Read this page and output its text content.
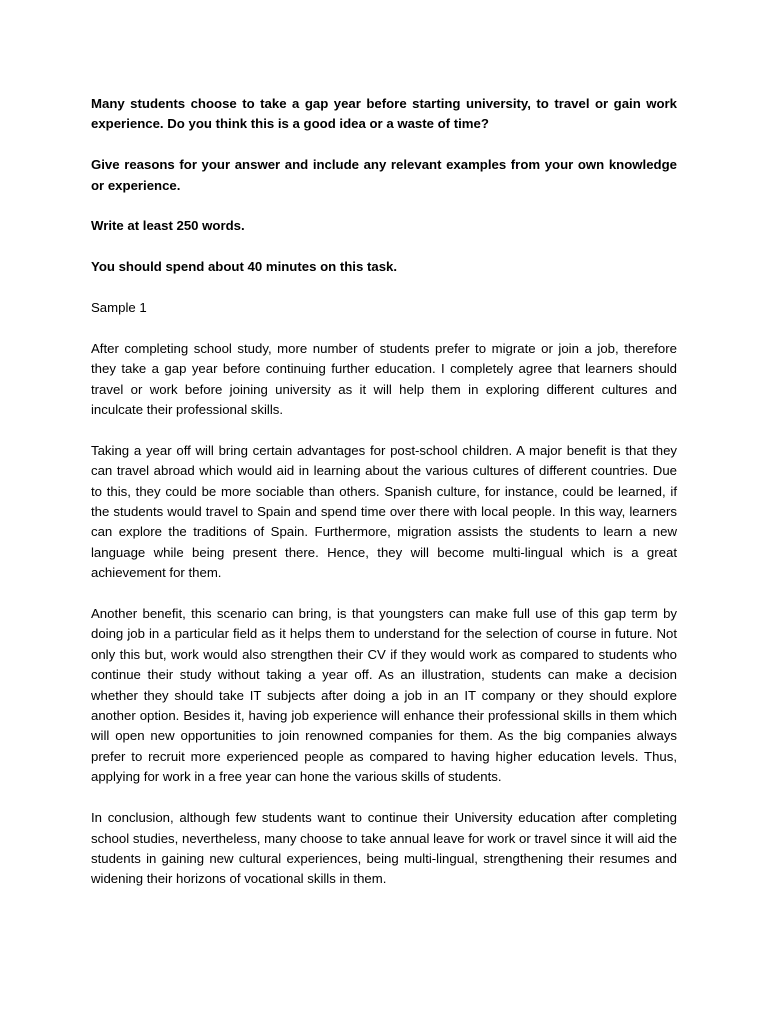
Many students choose to take a gap year before starting university, to travel or gain work experience. Do you think this is a good idea or a waste of time?

Give reasons for your answer and include any relevant examples from your own knowledge or experience.

Write at least 250 words.

You should spend about 40 minutes on this task.

Sample 1

After completing school study, more number of students prefer to migrate or join a job, therefore they take a gap year before continuing further education. I completely agree that learners should travel or work before joining university as it will help them in exploring different cultures and inculcate their professional skills.

Taking a year off will bring certain advantages for post-school children. A major benefit is that they can travel abroad which would aid in learning about the various cultures of different countries. Due to this, they could be more sociable than others. Spanish culture, for instance, could be learned, if the students would travel to Spain and spend time over there with local people. In this way, learners can explore the traditions of Spain. Furthermore, migration assists the students to learn a new language while being present there. Hence, they will become multi-lingual which is a great achievement for them.

Another benefit, this scenario can bring, is that youngsters can make full use of this gap term by doing job in a particular field as it helps them to understand for the selection of course in future. Not only this but, work would also strengthen their CV if they would work as compared to students who continue their study without taking a year off. As an illustration, students can make a decision whether they should take IT subjects after doing a job in an IT company or they should explore another option. Besides it, having job experience will enhance their professional skills in them which will open new opportunities to join renowned companies for them. As the big companies always prefer to recruit more experienced people as compared to having higher education levels. Thus, applying for work in a free year can hone the various skills of students.

In conclusion, although few students want to continue their University education after completing school studies, nevertheless, many choose to take annual leave for work or travel since it will aid the students in gaining new cultural experiences, being multi-lingual, strengthening their resumes and widening their horizons of vocational skills in them.
